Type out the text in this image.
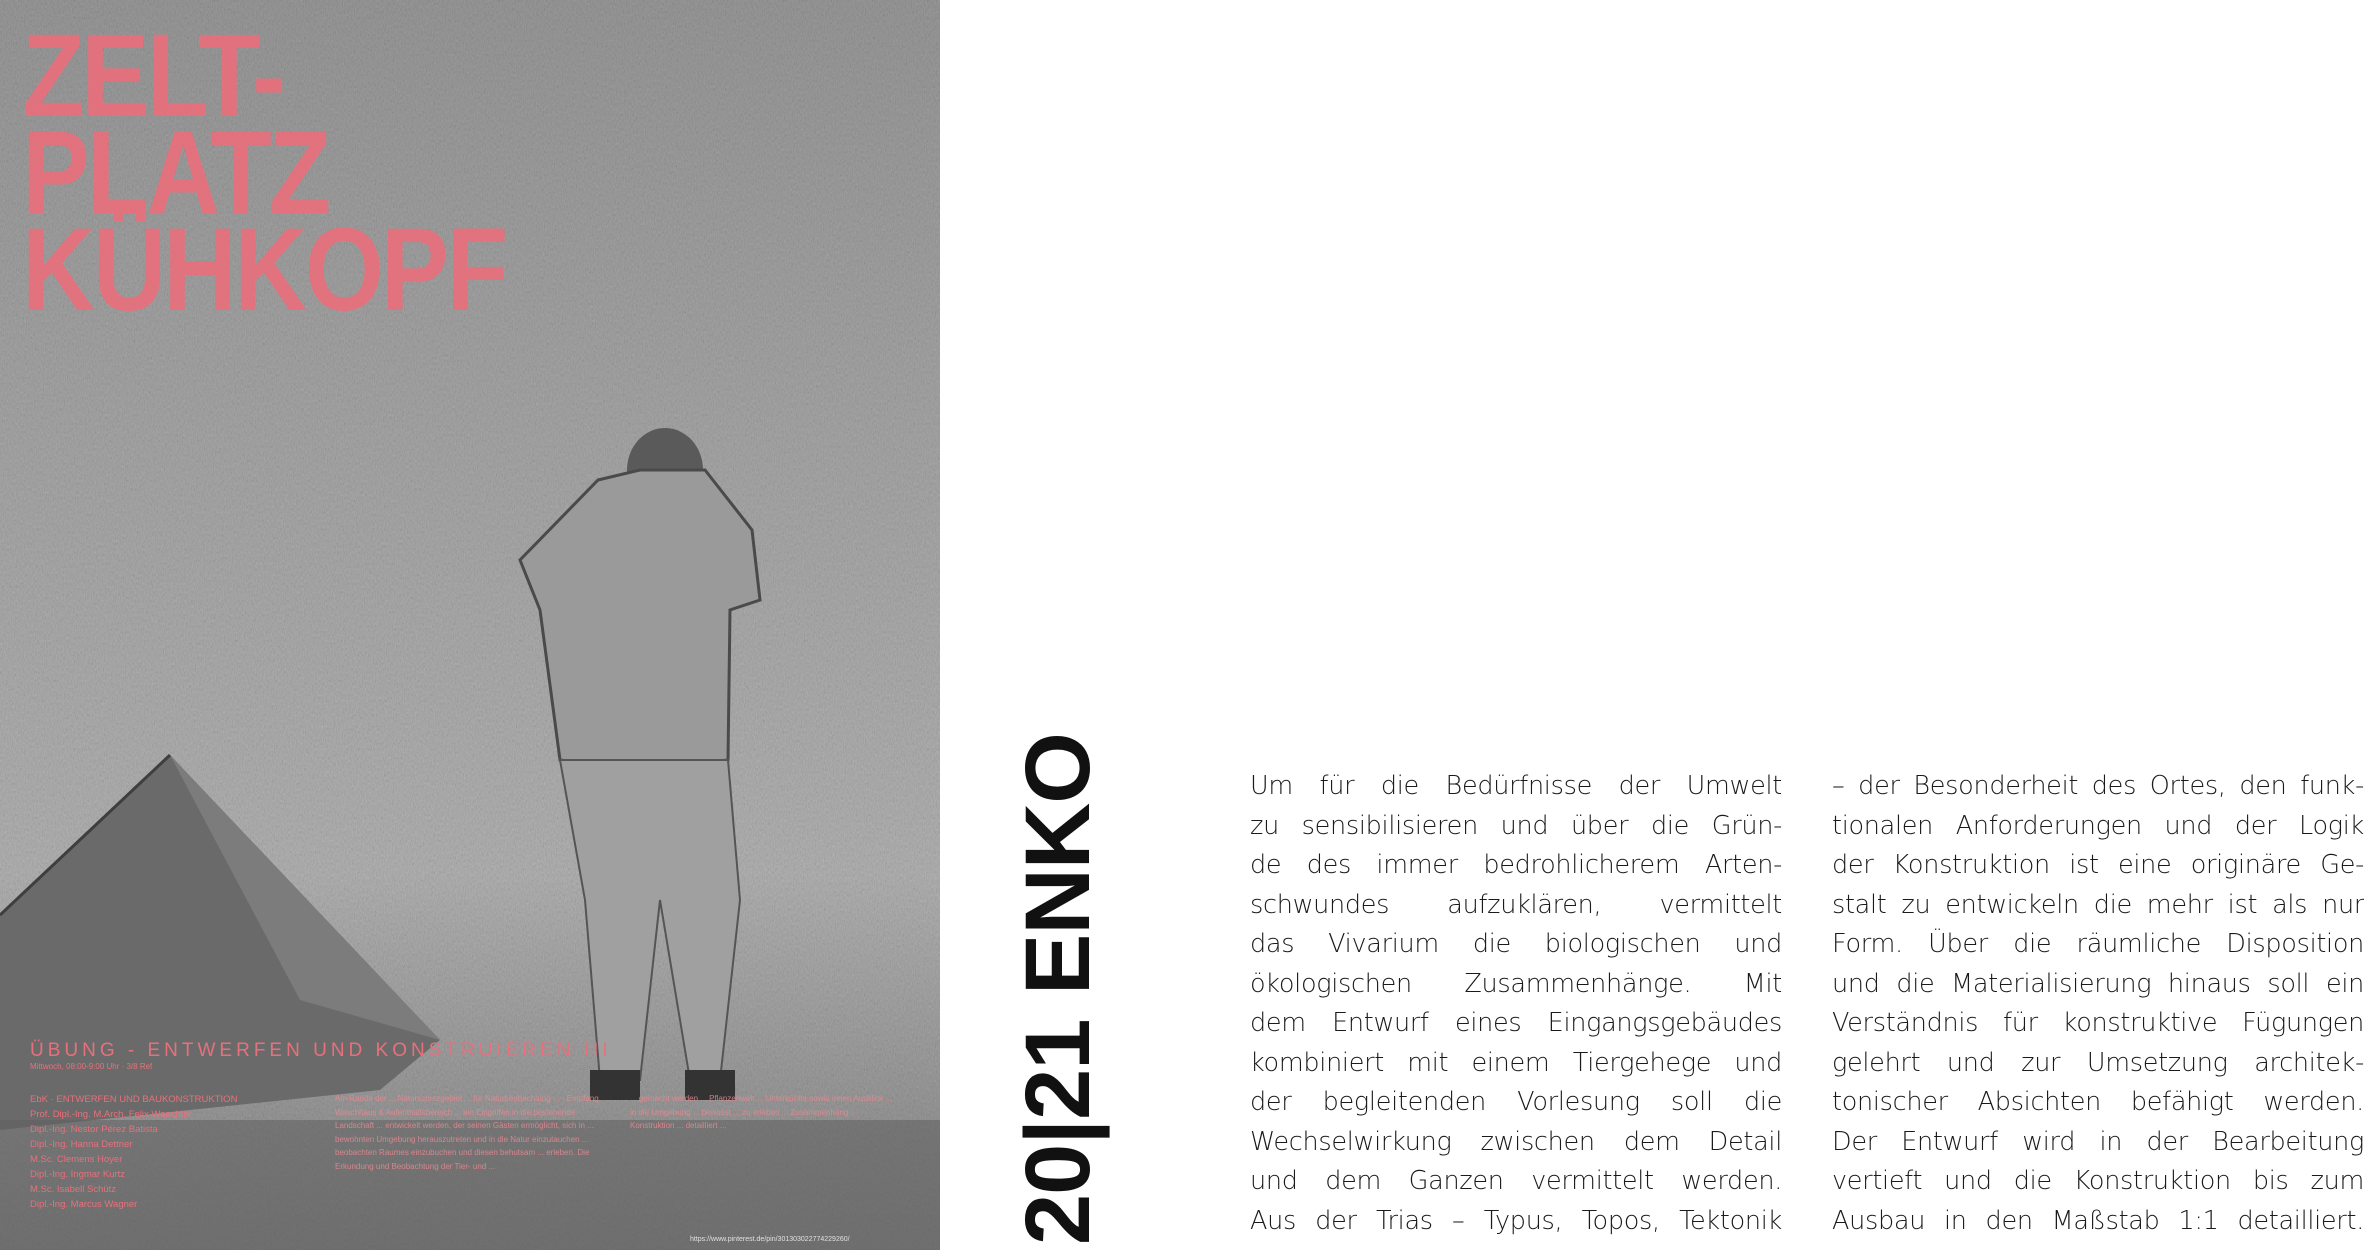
ZELT-
PLATZ
KÜHKOPF
ÜBUNG - ENTWERFEN UND KONSTRUIEREN III
Mittwoch, 08:00-9:00 Uhr · 3/8 Ref
EbK · ENTWERFEN UND BAUKONSTRUKTION
Prof. Dipl.-Ing. M.Arch. Felix Waechter
Dipl.-Ing. Nestor Pérez Batista
Dipl.-Ing. Hanna Dettner
M.Sc. Clemens Hoyer
Dipl.-Ing. Ingmar Kurtz
M.Sc. Isabell Schütz
Dipl.-Ing. Marcus Wagner
Am Rande der ... Naturschutzgebiet ... für Naturbeobachtung ... - Empfang, Waschhaus & Aufenthaltsbereich ... len Eingriffen in die bestehende Landschaft ... entwickelt werden, der seinen Gästen ermöglicht, sich in ... bewohnten Umgebung herauszutreten und in die Natur einzutauchen ... beobachten Raumes einzubuchen und diesen behutsam ... erleben. Die Erkundung und Beobachtung der Tier- und ...
... gemacht werden ... Pflanzenwelt ... Unterkünfte sowie einen Ausblick ... in die Umgebung ... bewusst ... zu erleben ... Zusammenhang ... Konstruktion ... detailliert ...
https://www.pinterest.de/pin/301303022774229260/ 20|21 ENKO	Um für die Bedürfnisse der Umwelt
zu sensibilisieren und über die Grün-
de des immer bedrohlicherem Arten-
schwundes aufzuklären, vermittelt
das Vivarium die biologischen und
ökologischen Zusammenhänge. Mit
dem Entwurf eines Eingangsgebäudes
kombiniert mit einem Tiergehege und
der begleitenden Vorlesung soll die
Wechselwirkung zwischen dem Detail
und dem Ganzen vermittelt werden.
Aus der Trias – Typus, Topos, Tektonik
– der Besonderheit des Ortes, den funk-
tionalen Anforderungen und der Logik
der Konstruktion ist eine originäre Ge-
stalt zu entwickeln die mehr ist als nur
Form. Über die räumliche Disposition
und die Materialisierung hinaus soll ein
Verständnis für konstruktive Fügungen
gelehrt und zur Umsetzung architek-
tonischer Absichten befähigt werden.
Der Entwurf wird in der Bearbeitung
vertieft und die Konstruktion bis zum
Ausbau in den Maßstab 1:1 detailliert.
